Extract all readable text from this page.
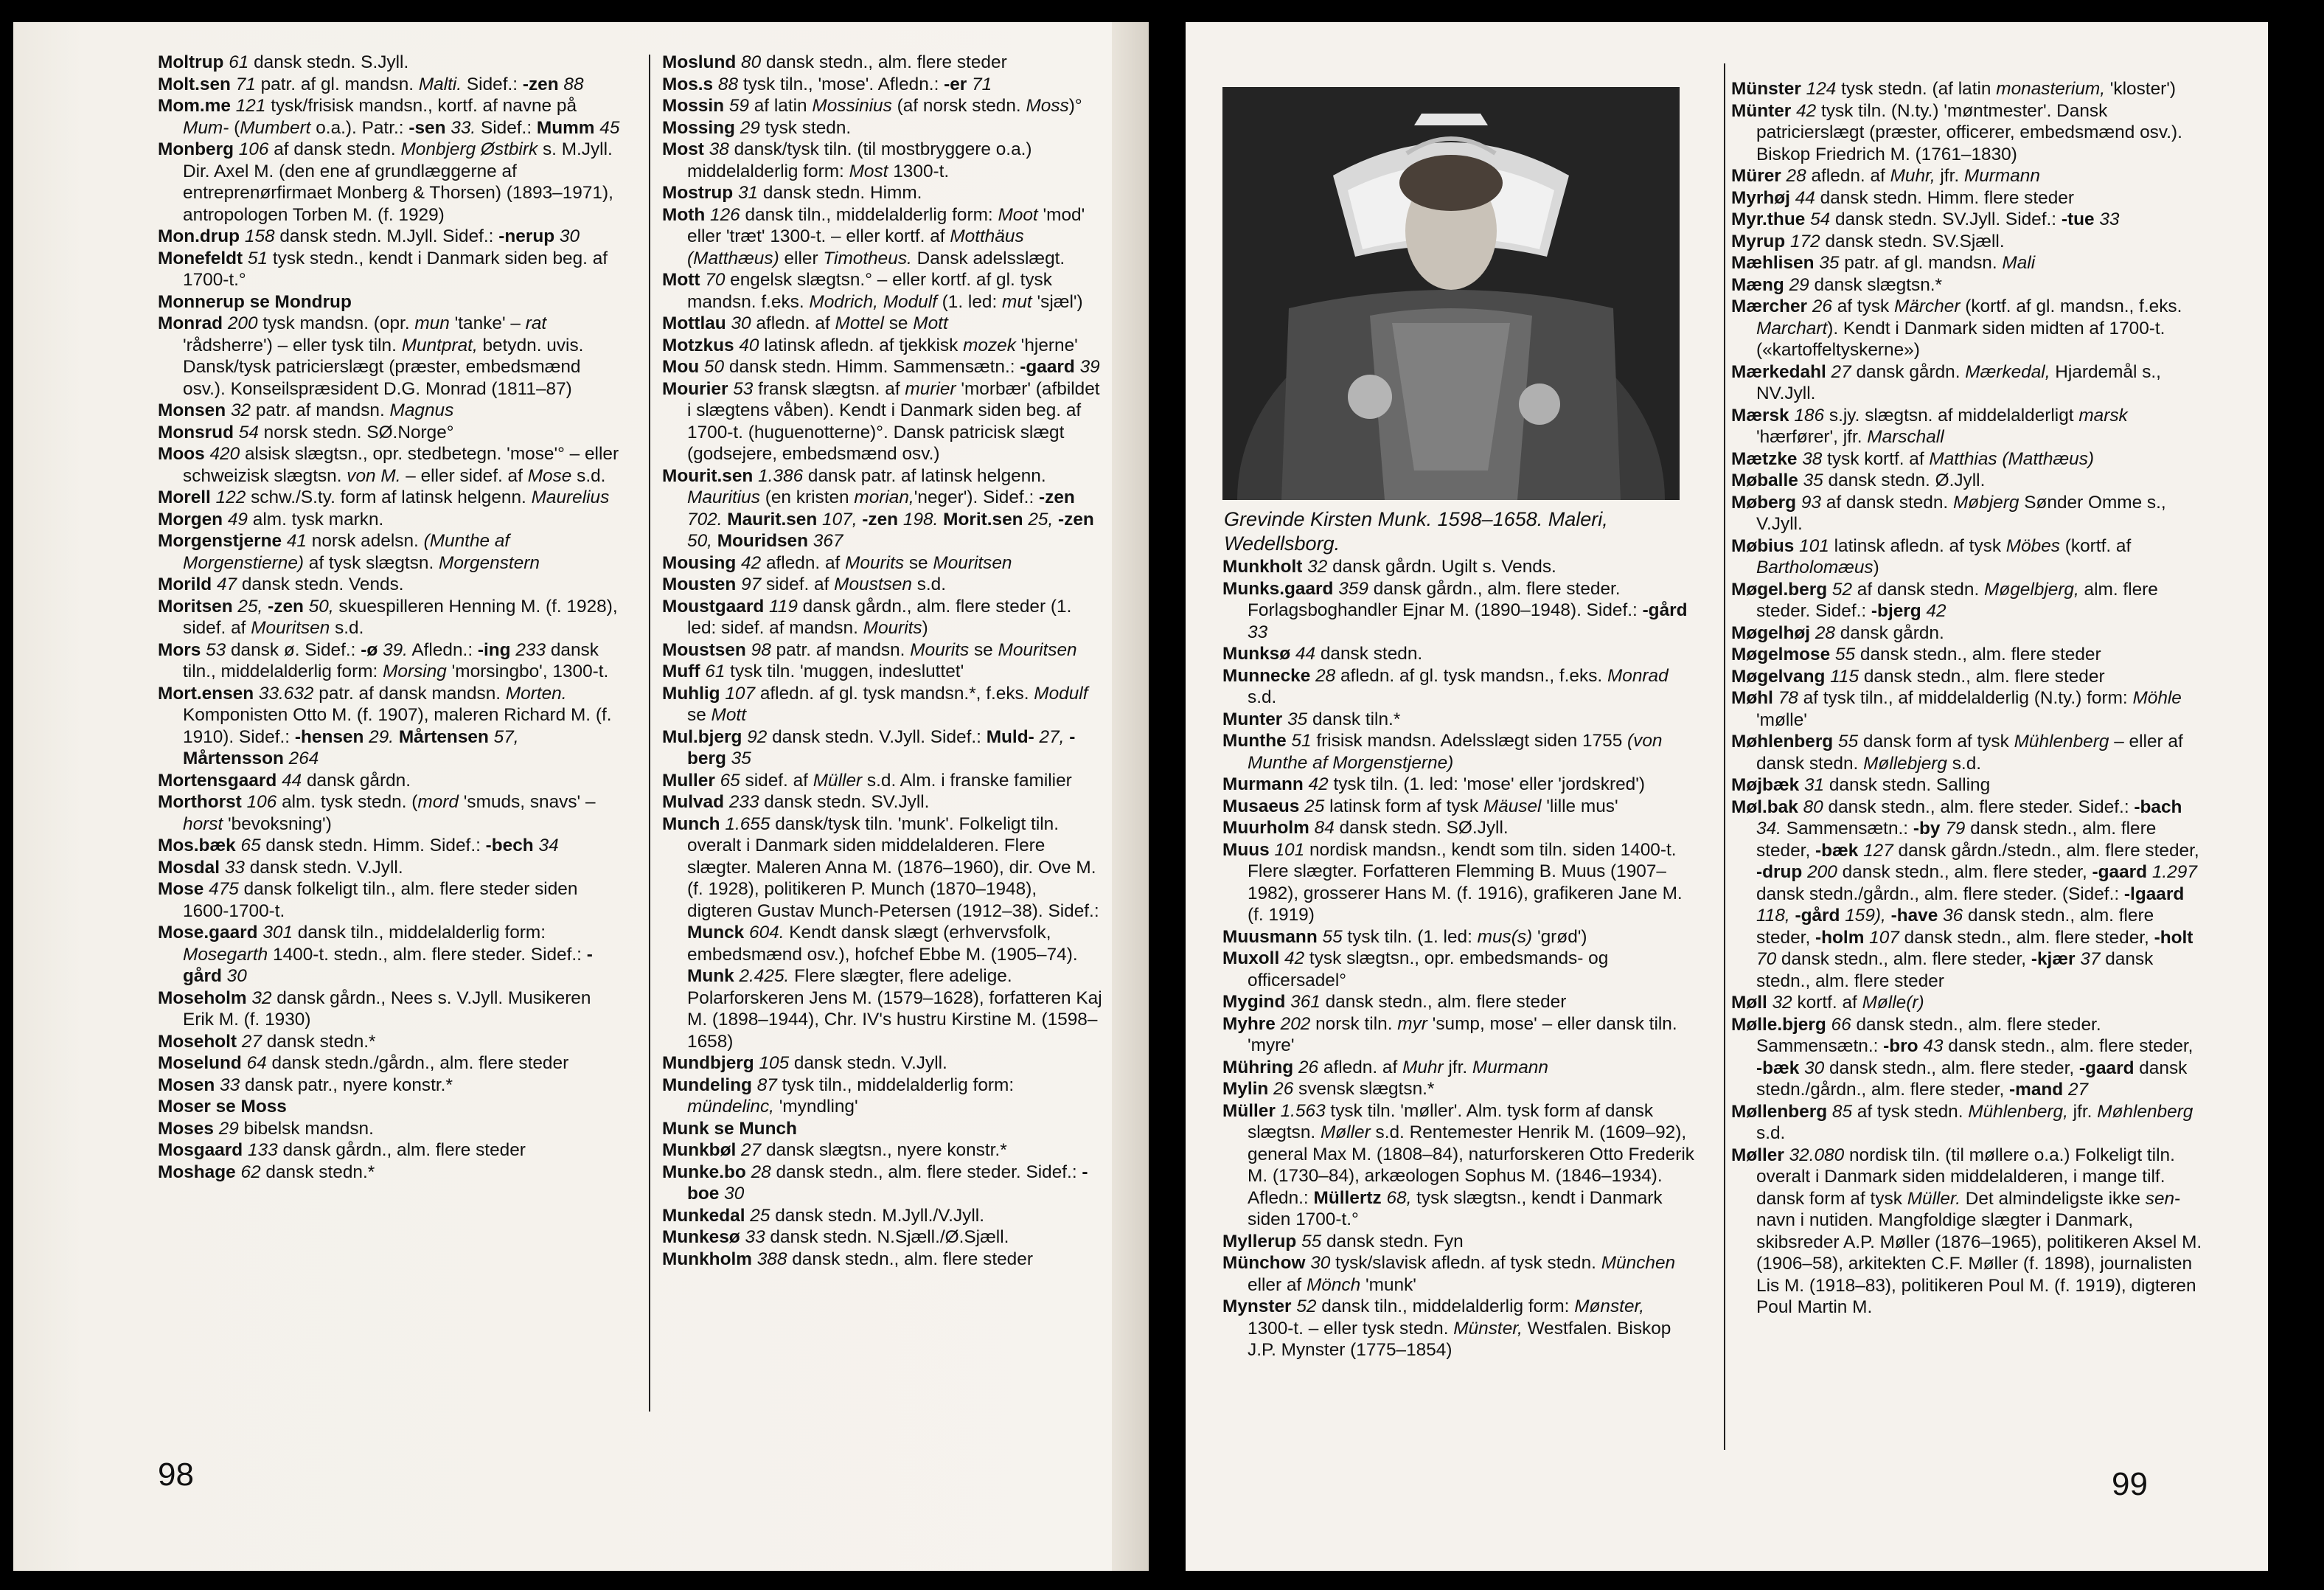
Moltrup 61 dansk stedn. S.Jyll.

Molt.sen 71 patr. af gl. mandsn. Malti. Sidef.: -zen 88

Mom.me 121 tysk/frisisk mandsn., kortf. af navne på Mum- (Mumbert o.a.). Patr.: -sen 33. Sidef.: Mumm 45

Monberg 106 af dansk stedn. Monbjerg Østbirk s. M.Jyll. Dir. Axel M. (den ene af grundlæggerne af entreprenørfirmaet Monberg & Thorsen) (1893–1971), antropologen Torben M. (f. 1929)

Mon.drup 158 dansk stedn. M.Jyll. Sidef.: -nerup 30

Monefeldt 51 tysk stedn., kendt i Danmark siden beg. af 1700-t.°

Monnerup se Mondrup

Monrad 200 tysk mandsn. (opr. mun 'tanke' – rat 'rådsherre') – eller tysk tiln. Muntprat, betydn. uvis. Dansk/tysk patricierslægt (præster, embedsmænd osv.). Konseilspræsident D.G. Monrad (1811–87)

Monsen 32 patr. af mandsn. Magnus

Monsrud 54 norsk stedn. SØ.Norge°

Moos 420 alsisk slægtsn., opr. stedbetegn. 'mose'° – eller schweizisk slægtsn. von M. – eller sidef. af Mose s.d.

Morell 122 schw./S.ty. form af latinsk helgenn. Maurelius

Morgen 49 alm. tysk markn.

Morgenstjerne 41 norsk adelsn. (Munthe af Morgenstierne) af tysk slægtsn. Morgenstern

Morild 47 dansk stedn. Vends.

Moritsen 25, -zen 50, skuespilleren Henning M. (f. 1928), sidef. af Mouritsen s.d.

Mors 53 dansk ø. Sidef.: -ø 39. Afledn.: -ing 233 dansk tiln., middelalderlig form: Morsing 'morsingbo', 1300-t.

Mort.ensen 33.632 patr. af dansk mandsn. Morten. Komponisten Otto M. (f. 1907), maleren Richard M. (f. 1910). Sidef.: -hensen 29. Mårtensen 57, Mårtensson 264

Mortensgaard 44 dansk gårdn.

Morthorst 106 alm. tysk stedn. (mord 'smuds, snavs' – horst 'bevoksning')

Mos.bæk 65 dansk stedn. Himm. Sidef.: -bech 34

Mosdal 33 dansk stedn. V.Jyll.

Mose 475 dansk folkeligt tiln., alm. flere steder siden 1600-1700-t.

Mose.gaard 301 dansk tiln., middelalderlig form: Mosegarth 1400-t. stedn., alm. flere steder. Sidef.: -gård 30

Moseholm 32 dansk gårdn., Nees s. V.Jyll. Musikeren Erik M. (f. 1930)

Moseholt 27 dansk stedn.*

Moselund 64 dansk stedn./gårdn., alm. flere steder

Mosen 33 dansk patr., nyere konstr.*

Moser se Moss

Moses 29 bibelsk mandsn.

Mosgaard 133 dansk gårdn., alm. flere steder

Moshage 62 dansk stedn.*

Moslund 80 dansk stedn., alm. flere steder

Mos.s 88 tysk tiln., 'mose'. Afledn.: -er 71

Mossin 59 af latin Mossinius (af norsk stedn. Moss)°

Mossing 29 tysk stedn.

Most 38 dansk/tysk tiln. (til mostbryggere o.a.) middelalderlig form: Most 1300-t.

Mostrup 31 dansk stedn. Himm.

Moth 126 dansk tiln., middelalderlig form: Moot 'mod' eller 'træt' 1300-t. – eller kortf. af Motthäus (Matthæus) eller Timotheus. Dansk adelsslægt.

Mott 70 engelsk slægtsn.° – eller kortf. af gl. tysk mandsn. f.eks. Modrich, Modulf (1. led: mut 'sjæl')

Mottlau 30 afledn. af Mottel se Mott

Motzkus 40 latinsk afledn. af tjekkisk mozek 'hjerne'

Mou 50 dansk stedn. Himm. Sammensætn.: -gaard 39

Mourier 53 fransk slægtsn. af murier 'morbær' (afbildet i slægtens våben). Kendt i Danmark siden beg. af 1700-t. (huguenotterne)°. Dansk patricisk slægt (godsejere, embedsmænd osv.)

Mourit.sen 1.386 dansk patr. af latinsk helgenn. Mauritius (en kristen morian,'neger'). Sidef.: -zen 702. Maurit.sen 107, -zen 198. Morit.sen 25, -zen 50, Mouridsen 367

Mousing 42 afledn. af Mourits se Mouritsen

Mousten 97 sidef. af Moustsen s.d.

Moustgaard 119 dansk gårdn., alm. flere steder (1. led: sidef. af mandsn. Mourits)

Moustsen 98 patr. af mandsn. Mourits se Mouritsen

Muff 61 tysk tiln. 'muggen, indesluttet'

Muhlig 107 afledn. af gl. tysk mandsn.*, f.eks. Modulf se Mott

Mul.bjerg 92 dansk stedn. V.Jyll. Sidef.: Muld- 27, -berg 35

Muller 65 sidef. af Müller s.d. Alm. i franske familier

Mulvad 233 dansk stedn. SV.Jyll.

Munch 1.655 dansk/tysk tiln. 'munk'. Folkeligt tiln. overalt i Danmark siden middelalderen. Flere slægter. Maleren Anna M. (1876–1960), dir. Ove M. (f. 1928), politikeren P. Munch (1870–1948), digteren Gustav Munch-Petersen (1912–38). Sidef.: Munck 604. Kendt dansk slægt (erhvervsfolk, embedsmænd osv.), hofchef Ebbe M. (1905–74). Munk 2.425. Flere slægter, flere adelige. Polarforskeren Jens M. (1579–1628), forfatteren Kaj M. (1898–1944), Chr. IV's hustru Kirstine M. (1598–1658)

Mundbjerg 105 dansk stedn. V.Jyll.

Mundeling 87 tysk tiln., middelalderlig form: mündelinc, 'myndling'

Munk se Munch

Munkbøl 27 dansk slægtsn., nyere konstr.*

Munke.bo 28 dansk stedn., alm. flere steder. Sidef.: -boe 30

Munkedal 25 dansk stedn. M.Jyll./V.Jyll.

Munkesø 33 dansk stedn. N.Sjæll./Ø.Sjæll.

Munkholm 388 dansk stedn., alm. flere steder

98
Grevinde Kirsten Munk. 1598–1658. Maleri, Wedellsborg.

Munkholt 32 dansk gårdn. Ugilt s. Vends.

Munks.gaard 359 dansk gårdn., alm. flere steder. Forlagsboghandler Ejnar M. (1890–1948). Sidef.: -gård 33

Munksø 44 dansk stedn.

Munnecke 28 afledn. af gl. tysk mandsn., f.eks. Monrad s.d.

Munter 35 dansk tiln.*

Munthe 51 frisisk mandsn. Adelsslægt siden 1755 (von Munthe af Morgenstjerne)

Murmann 42 tysk tiln. (1. led: 'mose' eller 'jordskred')

Musaeus 25 latinsk form af tysk Mäusel 'lille mus'

Muurholm 84 dansk stedn. SØ.Jyll.

Muus 101 nordisk mandsn., kendt som tiln. siden 1400-t. Flere slægter. Forfatteren Flemming B. Muus (1907–1982), grosserer Hans M. (f. 1916), grafikeren Jane M. (f. 1919)

Muusmann 55 tysk tiln. (1. led: mus(s) 'grød')

Muxoll 42 tysk slægtsn., opr. embedsmands- og officersadel°

Mygind 361 dansk stedn., alm. flere steder

Myhre 202 norsk tiln. myr 'sump, mose' – eller dansk tiln. 'myre'

Mühring 26 afledn. af Muhr jfr. Murmann

Mylin 26 svensk slægtsn.*

Müller 1.563 tysk tiln. 'møller'. Alm. tysk form af dansk slægtsn. Møller s.d. Rentemester Henrik M. (1609–92), general Max M. (1808–84), naturforskeren Otto Frederik M. (1730–84), arkæologen Sophus M. (1846–1934). Afledn.: Müllertz 68, tysk slægtsn., kendt i Danmark siden 1700-t.°

Myllerup 55 dansk stedn. Fyn

Münchow 30 tysk/slavisk afledn. af tysk stedn. München eller af Mönch 'munk'

Mynster 52 dansk tiln., middelalderlig form: Mønster, 1300-t. – eller tysk stedn. Münster, Westfalen. Biskop J.P. Mynster (1775–1854)

Münster 124 tysk stedn. (af latin monasterium, 'kloster')

Münter 42 tysk tiln. (N.ty.) 'møntmester'. Dansk patricierslægt (præster, officerer, embedsmænd osv.). Biskop Friedrich M. (1761–1830)

Mürer 28 afledn. af Muhr, jfr. Murmann

Myrhøj 44 dansk stedn. Himm. flere steder

Myr.thue 54 dansk stedn. SV.Jyll. Sidef.: -tue 33

Myrup 172 dansk stedn. SV.Sjæll.

Mæhlisen 35 patr. af gl. mandsn. Mali

Mæng 29 dansk slægtsn.*

Mærcher 26 af tysk Märcher (kortf. af gl. mandsn., f.eks. Marchart). Kendt i Danmark siden midten af 1700-t. («kartoffeltyskerne»)

Mærkedahl 27 dansk gårdn. Mærkedal, Hjardemål s., NV.Jyll.

Mærsk 186 s.jy. slægtsn. af middelalderligt marsk 'hærfører', jfr. Marschall

Mætzke 38 tysk kortf. af Matthias (Matthæus)

Møballe 35 dansk stedn. Ø.Jyll.

Møberg 93 af dansk stedn. Møbjerg Sønder Omme s., V.Jyll.

Møbius 101 latinsk afledn. af tysk Möbes (kortf. af Bartholomæus)

Møgel.berg 52 af dansk stedn. Møgelbjerg, alm. flere steder. Sidef.: -bjerg 42

Møgelhøj 28 dansk gårdn.

Møgelmose 55 dansk stedn., alm. flere steder

Møgelvang 115 dansk stedn., alm. flere steder

Møhl 78 af tysk tiln., af middelalderlig (N.ty.) form: Möhle 'mølle'

Møhlenberg 55 dansk form af tysk Mühlenberg – eller af dansk stedn. Møllebjerg s.d.

Møjbæk 31 dansk stedn. Salling

Møl.bak 80 dansk stedn., alm. flere steder. Sidef.: -bach 34. Sammensætn.: -by 79 dansk stedn., alm. flere steder, -bæk 127 dansk gårdn./stedn., alm. flere steder, -drup 200 dansk stedn., alm. flere steder, -gaard 1.297 dansk stedn./gårdn., alm. flere steder. (Sidef.: -lgaard 118, -gård 159), -have 36 dansk stedn., alm. flere steder, -holm 107 dansk stedn., alm. flere steder, -holt 70 dansk stedn., alm. flere steder, -kjær 37 dansk stedn., alm. flere steder

Møll 32 kortf. af Mølle(r)

Mølle.bjerg 66 dansk stedn., alm. flere steder. Sammensætn.: -bro 43 dansk stedn., alm. flere steder, -bæk 30 dansk stedn., alm. flere steder, -gaard dansk stedn./gårdn., alm. flere steder, -mand 27

Møllenberg 85 af tysk stedn. Mühlenberg, jfr. Møhlenberg s.d.

Møller 32.080 nordisk tiln. (til møllere o.a.) Folkeligt tiln. overalt i Danmark siden middelalderen, i mange tilf. dansk form af tysk Müller. Det almindeligste ikke sen-navn i nutiden. Mangfoldige slægter i Danmark, skibsreder A.P. Møller (1876–1965), politikeren Aksel M. (1906–58), arkitekten C.F. Møller (f. 1898), journalisten Lis M. (1918–83), politikeren Poul M. (f. 1919), digteren Poul Martin M.

99
